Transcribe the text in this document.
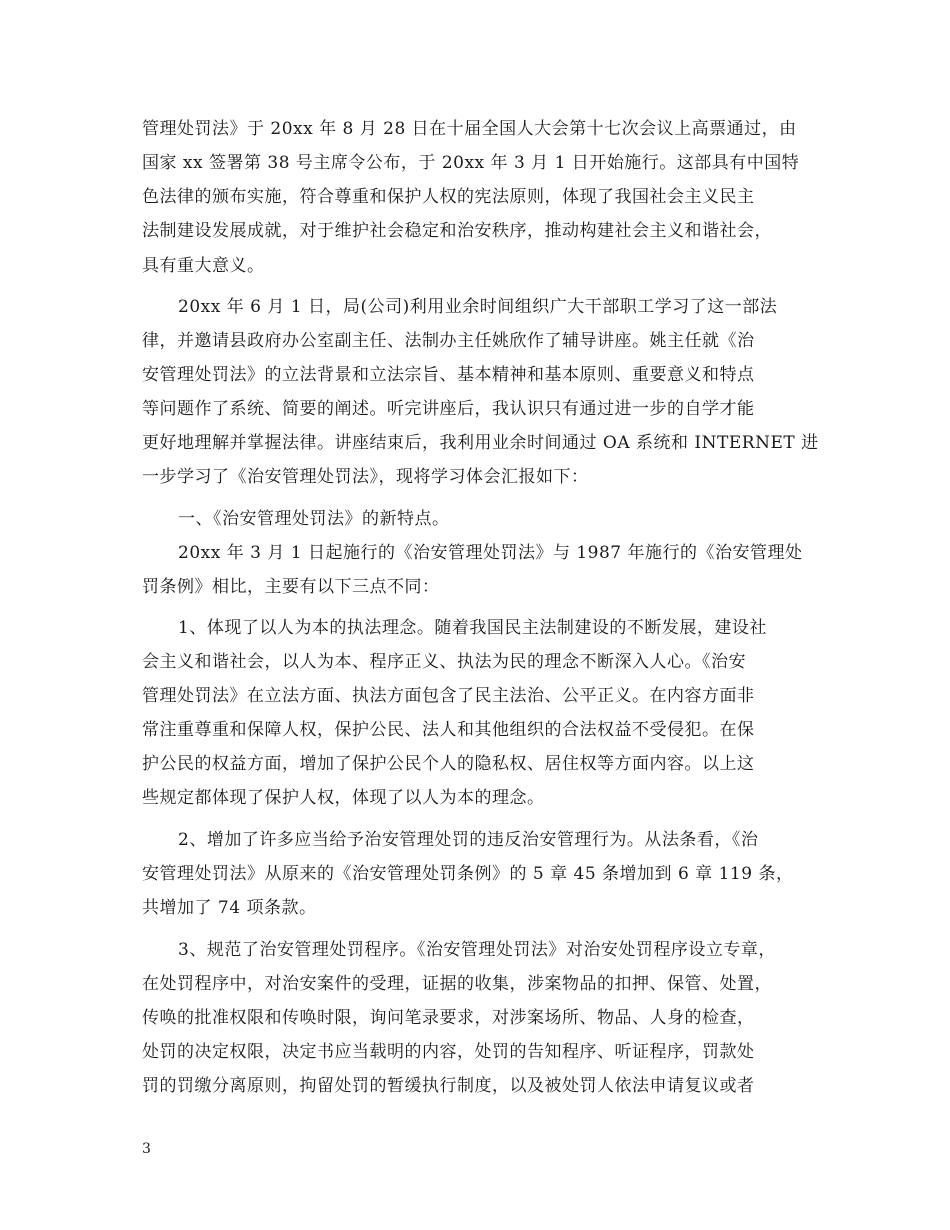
管理处罚法》于 20xx 年 8 月 28 日在十届全国人大会第十七次会议上高票通过，由
国家 xx 签署第 38 号主席令公布，于 20xx 年 3 月 1 日开始施行。这部具有中国特
色法律的颁布实施，符合尊重和保护人权的宪法原则，体现了我国社会主义民主
法制建设发展成就，对于维护社会稳定和治安秩序，推动构建社会主义和谐社会，
具有重大意义。
20xx 年 6 月 1 日，局(公司)利用业余时间组织广大干部职工学习了这一部法
律，并邀请县政府办公室副主任、法制办主任姚欣作了辅导讲座。姚主任就《治
安管理处罚法》的立法背景和立法宗旨、基本精神和基本原则、重要意义和特点
等问题作了系统、简要的阐述。听完讲座后，我认识只有通过进一步的自学才能
更好地理解并掌握法律。讲座结束后，我利用业余时间通过 OA 系统和 INTERNET 进
一步学习了《治安管理处罚法》，现将学习体会汇报如下：
一、《治安管理处罚法》的新特点。
20xx 年 3 月 1 日起施行的《治安管理处罚法》与 1987 年施行的《治安管理处
罚条例》相比，主要有以下三点不同：
1、体现了以人为本的执法理念。随着我国民主法制建设的不断发展，建设社
会主义和谐社会，以人为本、程序正义、执法为民的理念不断深入人心。《治安
管理处罚法》在立法方面、执法方面包含了民主法治、公平正义。在内容方面非
常注重尊重和保障人权，保护公民、法人和其他组织的合法权益不受侵犯。在保
护公民的权益方面，增加了保护公民个人的隐私权、居住权等方面内容。以上这
些规定都体现了保护人权，体现了以人为本的理念。
2、增加了许多应当给予治安管理处罚的违反治安管理行为。从法条看，《治
安管理处罚法》从原来的《治安管理处罚条例》的 5 章 45 条增加到 6 章 119 条，
共增加了 74 项条款。
3、规范了治安管理处罚程序。《治安管理处罚法》对治安处罚程序设立专章，
在处罚程序中，对治安案件的受理，证据的收集，涉案物品的扣押、保管、处置，
传唤的批准权限和传唤时限，询问笔录要求，对涉案场所、物品、人身的检查，
处罚的决定权限，决定书应当载明的内容，处罚的告知程序、听证程序，罚款处
罚的罚缴分离原则，拘留处罚的暂缓执行制度，以及被处罚人依法申请复议或者
3
